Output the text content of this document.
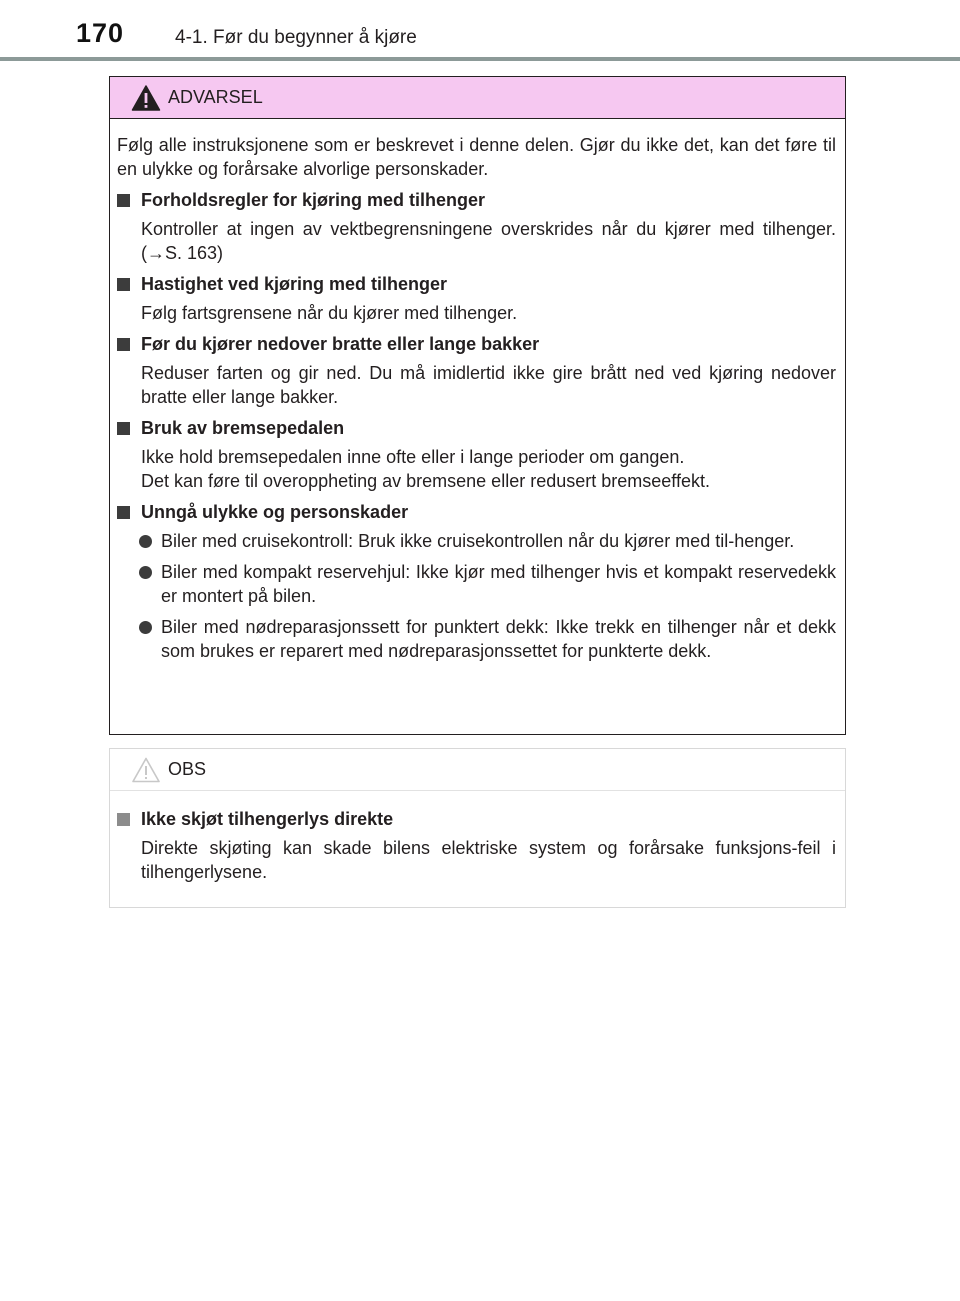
170	4-1. Før du begynner å kjøre
ADVARSEL

Følg alle instruksjonene som er beskrevet i denne delen. Gjør du ikke det, kan det føre til en ulykke og forårsake alvorlige personskader.

Forholdsregler for kjøring med tilhenger
Kontroller at ingen av vektbegrensningene overskrides når du kjører med tilhenger. (→S. 163)
Hastighet ved kjøring med tilhenger
Følg fartsgrensene når du kjører med tilhenger.
Før du kjører nedover bratte eller lange bakker
Reduser farten og gir ned. Du må imidlertid ikke gire brått ned ved kjøring nedover bratte eller lange bakker.
Bruk av bremsepedalen
Ikke hold bremsepedalen inne ofte eller i lange perioder om gangen.
Det kan føre til overoppheting av bremsene eller redusert bremseeffekt.
Unngå ulykke og personskader
Biler med cruisekontroll: Bruk ikke cruisekontrollen når du kjører med til-henger.
Biler med kompakt reservehjul: Ikke kjør med tilhenger hvis et kompakt reservedekk er montert på bilen.
Biler med nødreparasjonssett for punktert dekk: Ikke trekk en tilhenger når et dekk som brukes er reparert med nødreparasjonssettet for punkterte dekk.
OBS
Ikke skjøt tilhengerlys direkte
Direkte skjøting kan skade bilens elektriske system og forårsake funksjons-feil i tilhengerlysene.
